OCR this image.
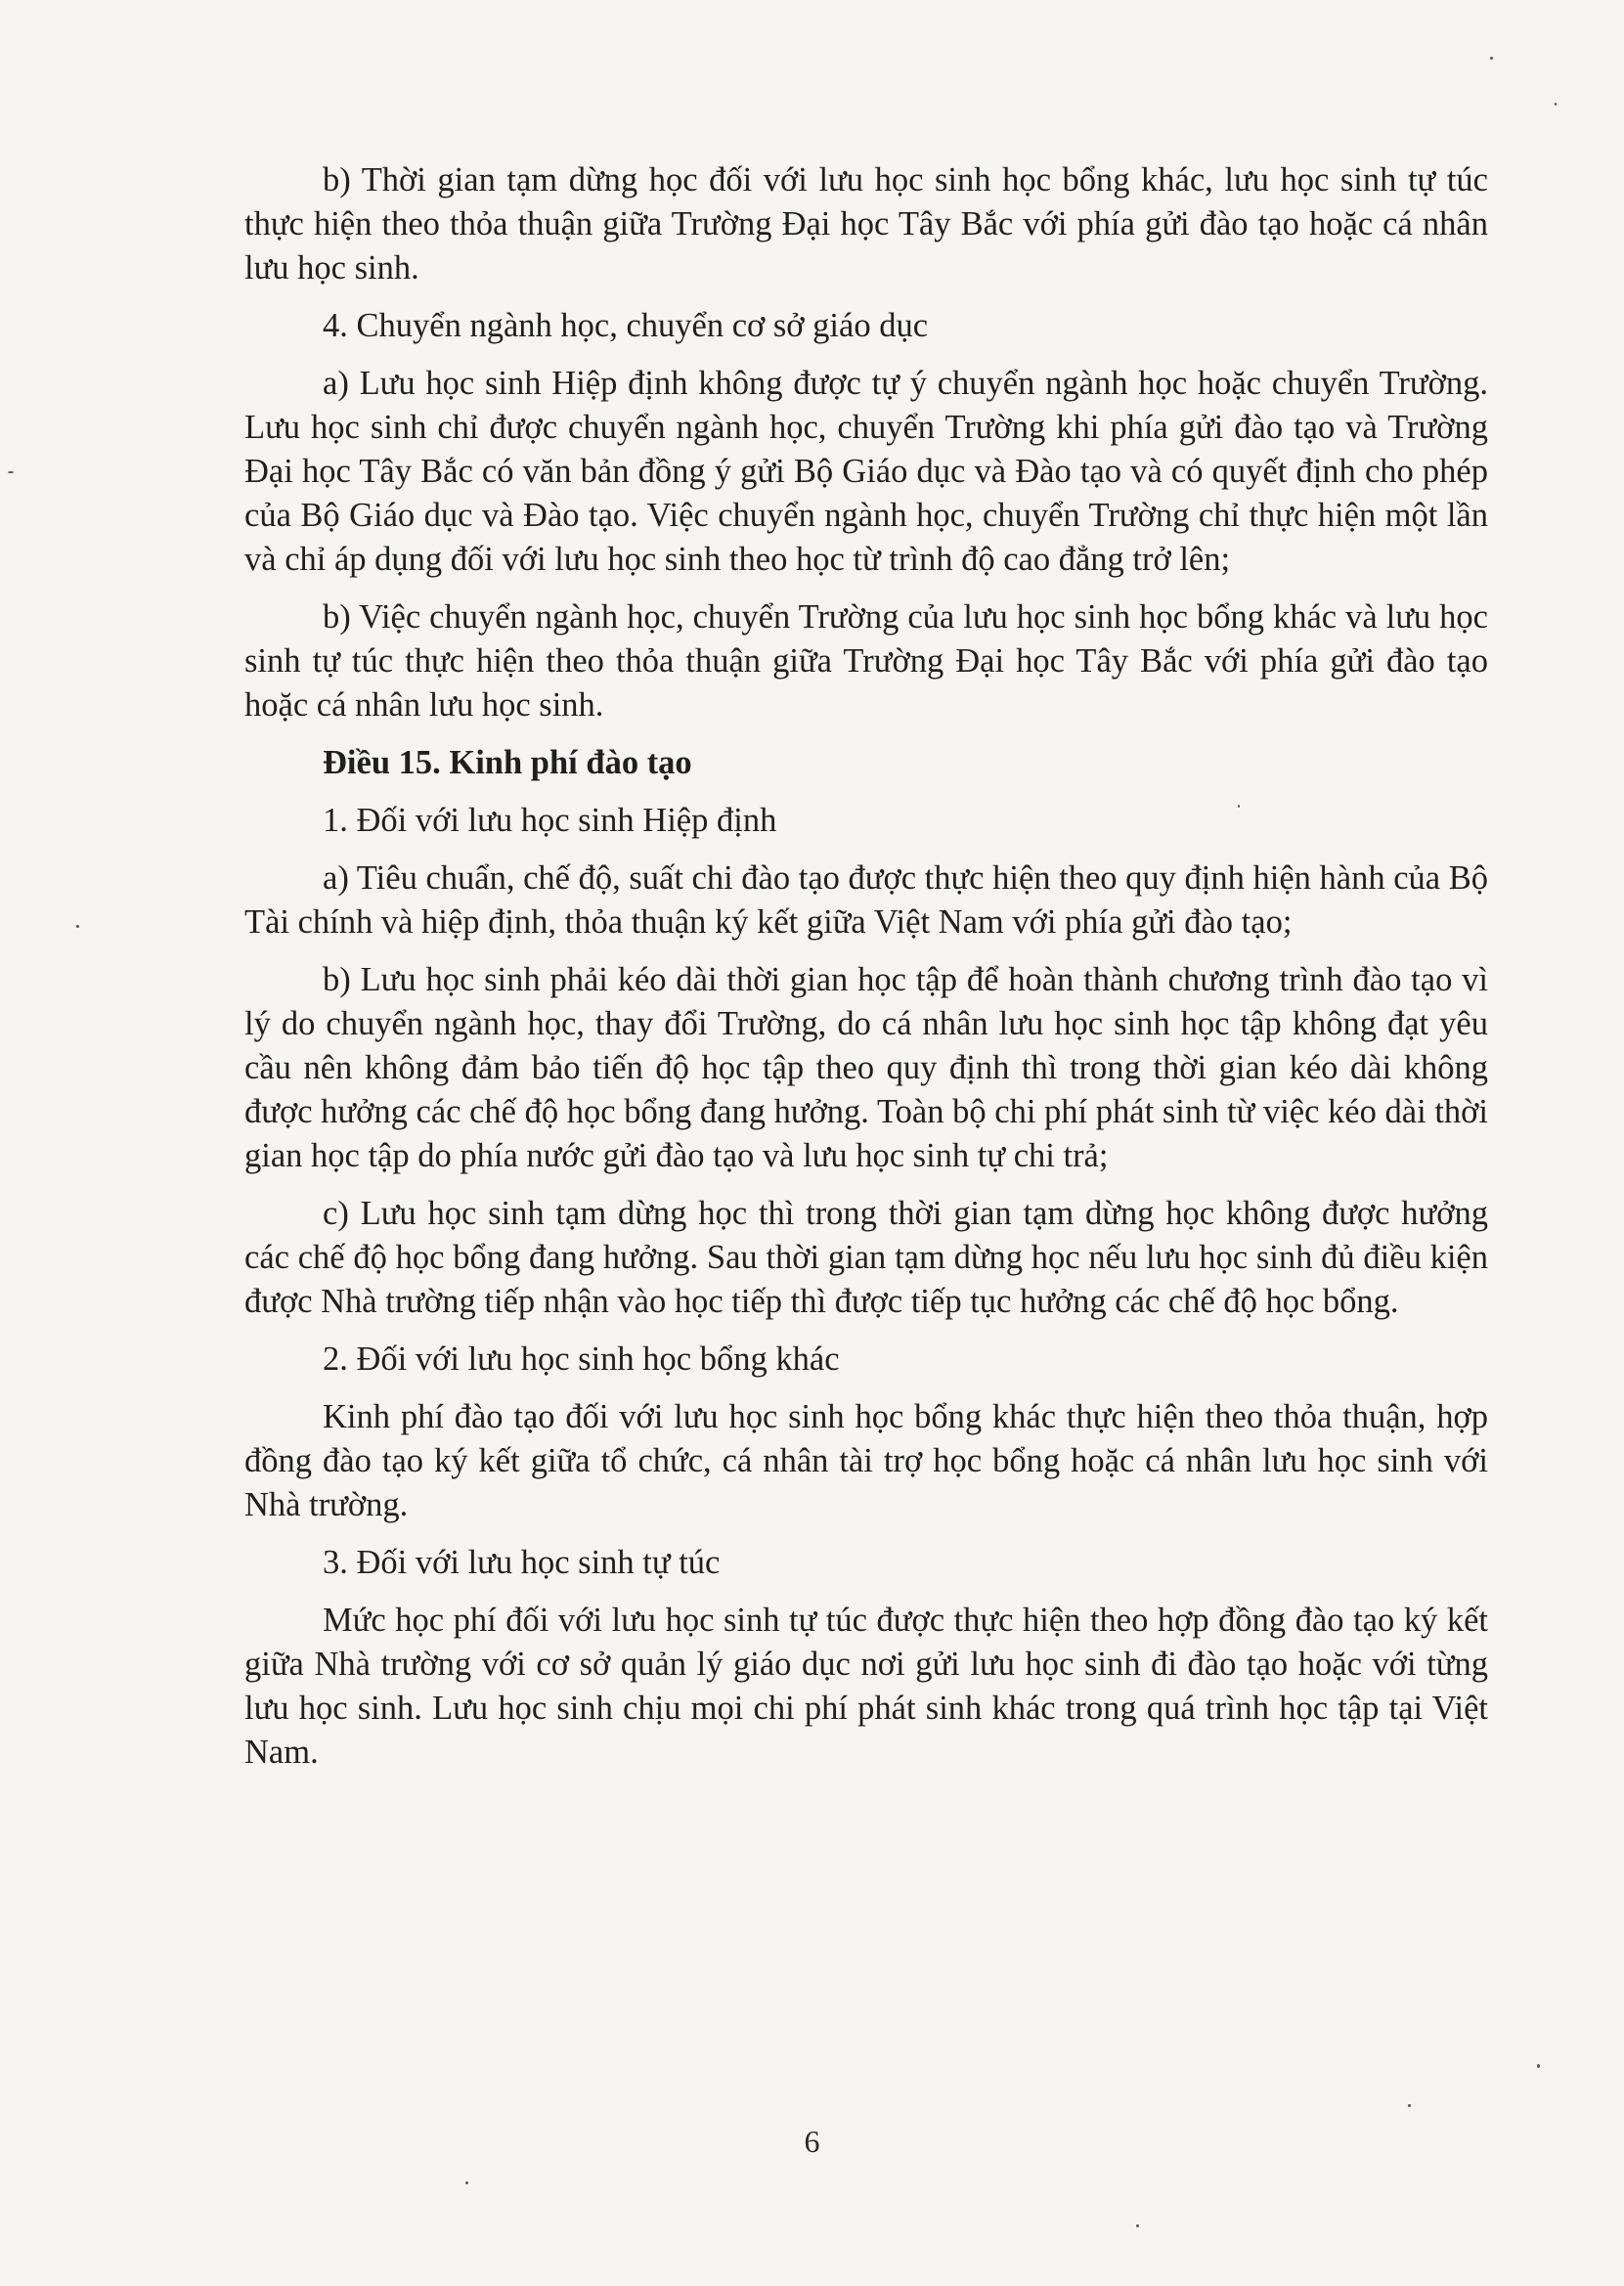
b) Thời gian tạm dừng học đối với lưu học sinh học bổng khác, lưu học sinh tự túc thực hiện theo thỏa thuận giữa Trường Đại học Tây Bắc với phía gửi đào tạo hoặc cá nhân lưu học sinh.

4. Chuyển ngành học, chuyển cơ sở giáo dục

a) Lưu học sinh Hiệp định không được tự ý chuyển ngành học hoặc chuyển Trường. Lưu học sinh chỉ được chuyển ngành học, chuyển Trường khi phía gửi đào tạo và Trường Đại học Tây Bắc có văn bản đồng ý gửi Bộ Giáo dục và Đào tạo và có quyết định cho phép của Bộ Giáo dục và Đào tạo. Việc chuyển ngành học, chuyển Trường chỉ thực hiện một lần và chỉ áp dụng đối với lưu học sinh theo học từ trình độ cao đẳng trở lên;

b) Việc chuyển ngành học, chuyển Trường của lưu học sinh học bổng khác và lưu học sinh tự túc thực hiện theo thỏa thuận giữa Trường Đại học Tây Bắc với phía gửi đào tạo hoặc cá nhân lưu học sinh.

Điều 15. Kinh phí đào tạo

1. Đối với lưu học sinh Hiệp định

a) Tiêu chuẩn, chế độ, suất chi đào tạo được thực hiện theo quy định hiện hành của Bộ Tài chính và hiệp định, thỏa thuận ký kết giữa Việt Nam với phía gửi đào tạo;

b) Lưu học sinh phải kéo dài thời gian học tập để hoàn thành chương trình đào tạo vì lý do chuyển ngành học, thay đổi Trường, do cá nhân lưu học sinh học tập không đạt yêu cầu nên không đảm bảo tiến độ học tập theo quy định thì trong thời gian kéo dài không được hưởng các chế độ học bổng đang hưởng. Toàn bộ chi phí phát sinh từ việc kéo dài thời gian học tập do phía nước gửi đào tạo và lưu học sinh tự chi trả;

c) Lưu học sinh tạm dừng học thì trong thời gian tạm dừng học không được hưởng các chế độ học bổng đang hưởng. Sau thời gian tạm dừng học nếu lưu học sinh đủ điều kiện được Nhà trường tiếp nhận vào học tiếp thì được tiếp tục hưởng các chế độ học bổng.

2. Đối với lưu học sinh học bổng khác

Kinh phí đào tạo đối với lưu học sinh học bổng khác thực hiện theo thỏa thuận, hợp đồng đào tạo ký kết giữa tổ chức, cá nhân tài trợ học bổng hoặc cá nhân lưu học sinh với Nhà trường.

3. Đối với lưu học sinh tự túc

Mức học phí đối với lưu học sinh tự túc được thực hiện theo hợp đồng đào tạo ký kết giữa Nhà trường với cơ sở quản lý giáo dục nơi gửi lưu học sinh đi đào tạo hoặc với từng lưu học sinh. Lưu học sinh chịu mọi chi phí phát sinh khác trong quá trình học tập tại Việt Nam.

6
